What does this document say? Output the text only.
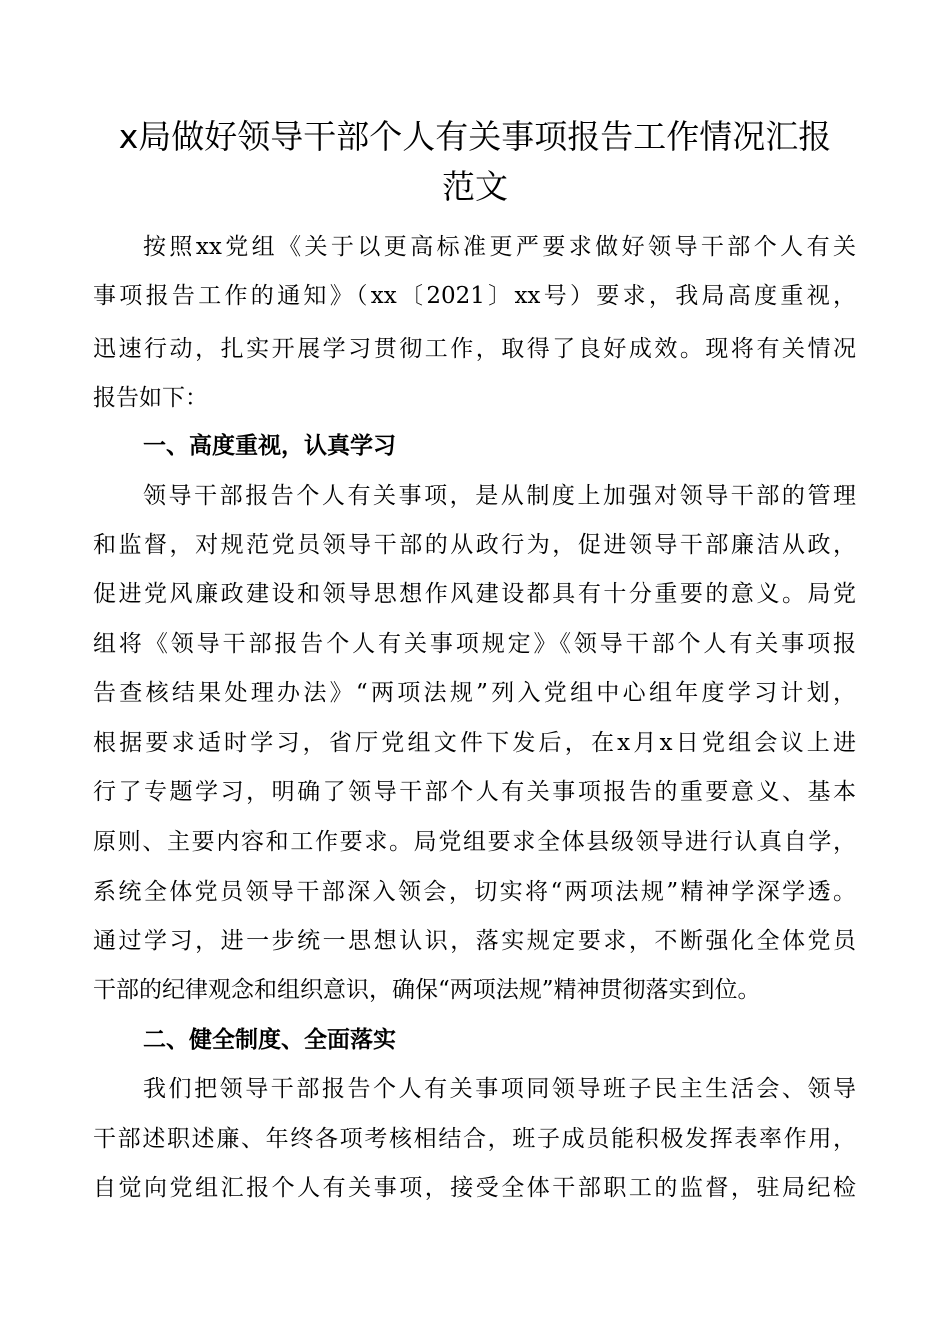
x局做好领导干部个人有关事项报告工作情况汇报
范文
按照xx党组《关于以更高标准更严要求做好领导干部个人有关
事项报告工作的通知》（xx〔2021〕xx号）要求，我局高度重视，
迅速行动，扎实开展学习贯彻工作，取得了良好成效。现将有关情况
报告如下：
一、高度重视，认真学习
领导干部报告个人有关事项，是从制度上加强对领导干部的管理
和监督，对规范党员领导干部的从政行为，促进领导干部廉洁从政，
促进党风廉政建设和领导思想作风建设都具有十分重要的意义。局党
组将《领导干部报告个人有关事项规定》《领导干部个人有关事项报
告查核结果处理办法》“两项法规”列入党组中心组年度学习计划，
根据要求适时学习，省厅党组文件下发后，在x月x日党组会议上进
行了专题学习，明确了领导干部个人有关事项报告的重要意义、基本
原则、主要内容和工作要求。局党组要求全体县级领导进行认真自学，
系统全体党员领导干部深入领会，切实将“两项法规”精神学深学透。
通过学习，进一步统一思想认识，落实规定要求，不断强化全体党员
干部的纪律观念和组织意识，确保“两项法规”精神贯彻落实到位。
二、健全制度、全面落实
我们把领导干部报告个人有关事项同领导班子民主生活会、领导
干部述职述廉、年终各项考核相结合，班子成员能积极发挥表率作用，
自觉向党组汇报个人有关事项，接受全体干部职工的监督，驻局纪检
